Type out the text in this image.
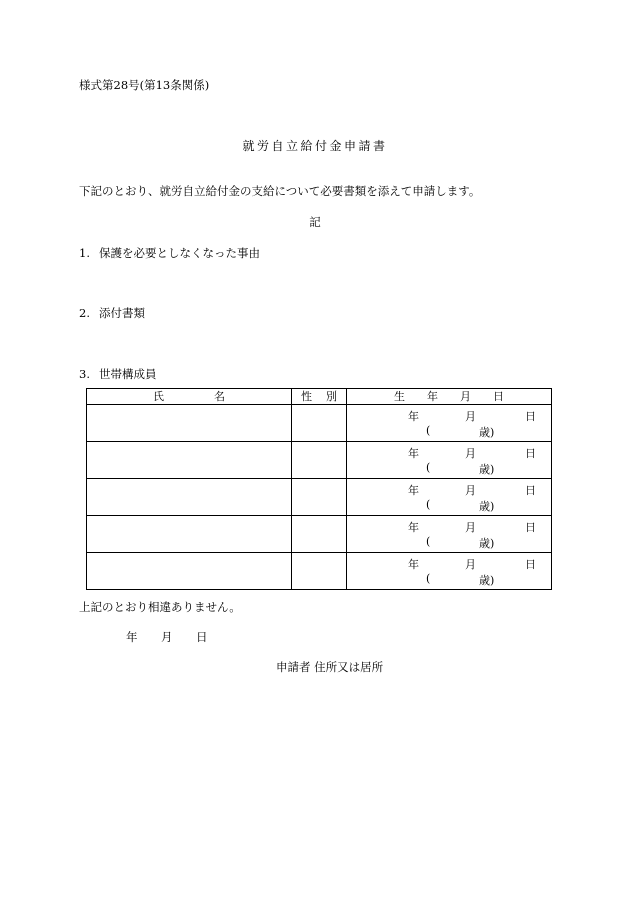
様式第28号(第13条関係)
就労自立給付金申請書
下記のとおり、就労自立給付金の支給について必要書類を添えて申請します。
記
1. 保護を必要としなくなった事由
2. 添付書類
3. 世帯構成員
氏 名	性 別	生 年 月 日

		年 月 日
( 歳)

		年 月 日
( 歳)

		年 月 日
( 歳)

		年 月 日
( 歳)

		年 月 日
( 歳)
上記のとおり相違ありません。
年 月 日
申請者 住所又は居所
